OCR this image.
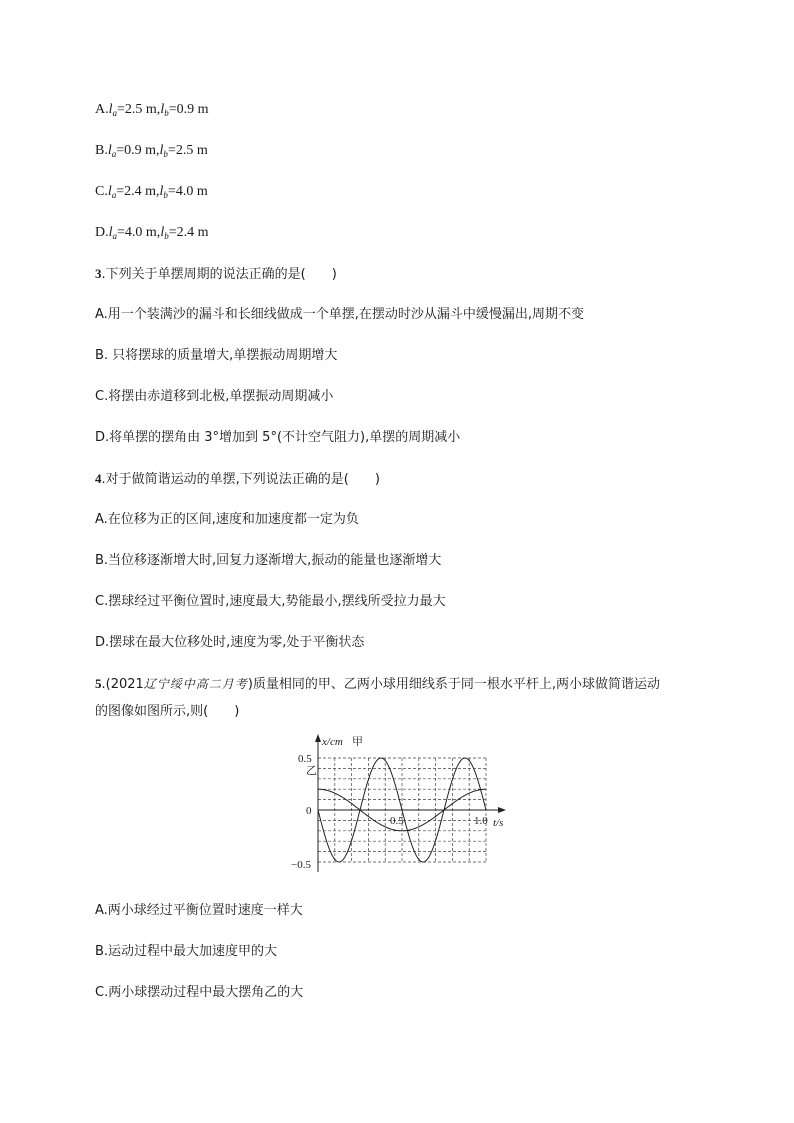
$A.l_a=2.5$ $m,l_b=0.9$ m
$B.l_a=0.9$ $m,l_b=2.5$ m
$C.l_a=2.4$ $m,l_b=4.0$ m
$D.l_a=4.0$ $m,l_b=2.4$ m
3.下列关于单摆周期的说法正确的是(　　)
A.用一个装满沙的漏斗和长细线做成一个单摆,在摆动时沙从漏斗中缓慢漏出,周期不变
B. 只将摆球的质量增大,单摆振动周期增大
C.将摆由赤道移到北极,单摆振动周期减小
D.将单摆的摆角由 3°增加到 5°(不计空气阻力),单摆的周期减小
4.对于做简谐运动的单摆,下列说法正确的是(　　)
A.在位移为正的区间,速度和加速度都一定为负
B.当位移逐渐增大时,回复力逐渐增大,振动的能量也逐渐增大
C.摆球经过平衡位置时,速度最大,势能最小,摆线所受拉力最大
D.摆球在最大位移处时,速度为零,处于平衡状态
5.(2021辽宁绥中高二月考)质量相同的甲、乙两小球用细线系于同一根水平杆上,两小球做简谐运动
的图像如图所示,则(　　)
x/cm 甲
乙
0.5
0
−0.5
0.5	1.0 t/s
A.两小球经过平衡位置时速度一样大
B.运动过程中最大加速度甲的大
C.两小球摆动过程中最大摆角乙的大
